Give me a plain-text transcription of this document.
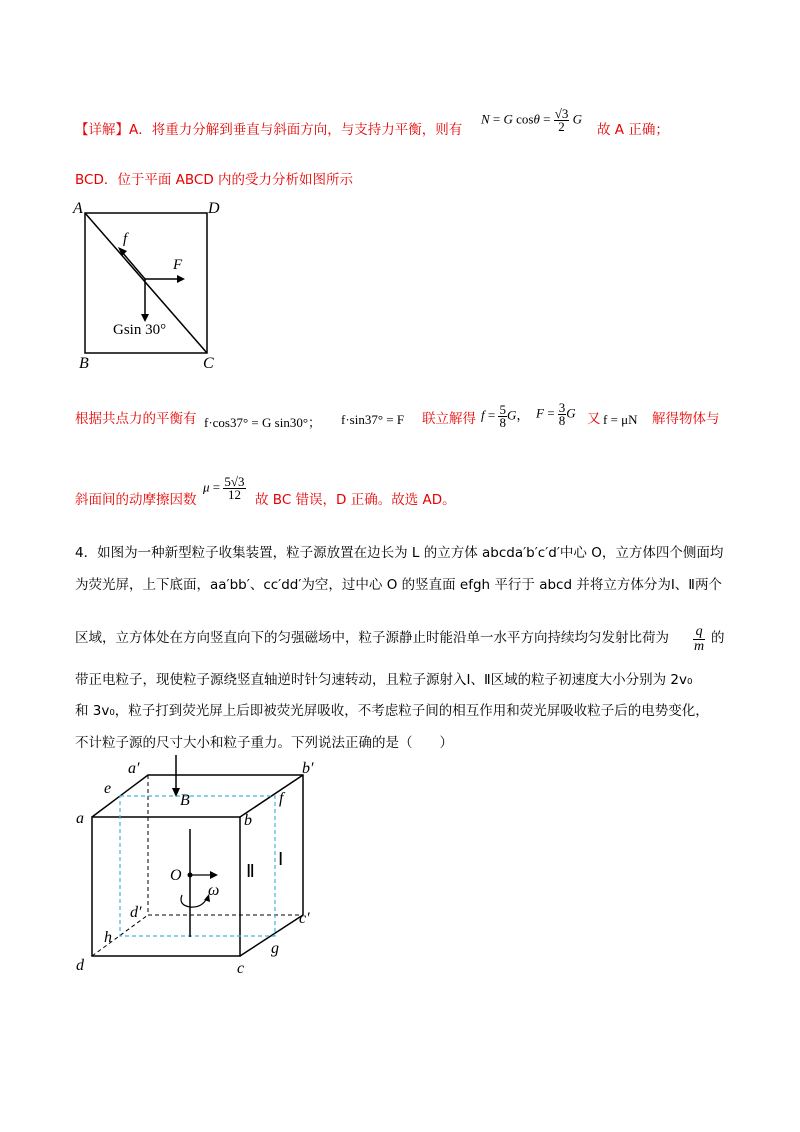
【详解】A．将重力分解到垂直与斜面方向，与支持力平衡，则有
N = G $\cos\theta = \frac{√3}{2}$ G
故 A 正确；
BCD．位于平面 ABCD 内的受力分析如图所示
A	D
B	C
f
F
Gsin 30°
根据共点力的平衡有 f·cos37° = G sin30°； f·sin37° = F 联立解得 $f = \frac{5}{8}$ G， $F = \frac{3}{8}$ G 又 f = μN 解得物体与
斜面间的动摩擦因数
$\mu = \frac{5√3}{12}$ 故 BC 错误，D 正确。故选 AD。
4．如图为一种新型粒子收集装置，粒子源放置在边长为 L 的立方体 abcda′b′c′d′中心 O，立方体四个侧面均
为荧光屏，上下底面，aa′bb′、cc′dd′为空，过中心 O 的竖直面 efgh 平行于 abcd 并将立方体分为Ⅰ、Ⅱ两个
区域，立方体处在方向竖直向下的匀强磁场中，粒子源静止时能沿单一水平方向持续均匀发射比荷为 $\frac{q}{m}$ 的
带正电粒子，现使粒子源绕竖直轴逆时针匀速转动，且粒子源射入Ⅰ、Ⅱ区域的粒子初速度大小分别为 2v₀
和 3v₀，粒子打到荧光屏上后即被荧光屏吸收，不考虑粒子间的相互作用和荧光屏吸收粒子后的电势变化，
不计粒子源的尺寸大小和粒子重力。下列说法正确的是（　　）
a′	b′
e
f
a	b
B
O
ω
d′	c′
h
g
d	c
Ⅱ
Ⅰ
